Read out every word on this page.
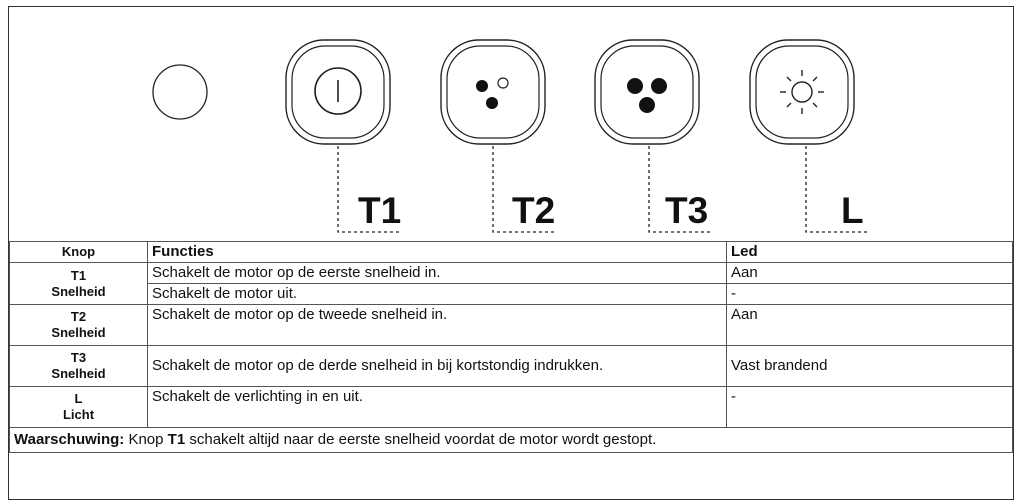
T1	T2	T3	L
Knop	Functies	Led

T1
Snelheid	Schakelt de motor op de eerste snelheid in.	Aan
	Schakelt de motor uit.	-

T2
Snelheid	Schakelt de motor op de tweede snelheid in.	Aan

T3
Snelheid	Schakelt de motor op de derde snelheid in bij kortstondig indrukken.	Vast brandend

L
Licht	Schakelt de verlichting in en uit.	-
Waarschuwing: Knop T1 schakelt altijd naar de eerste snelheid voordat de motor wordt gestopt.		
